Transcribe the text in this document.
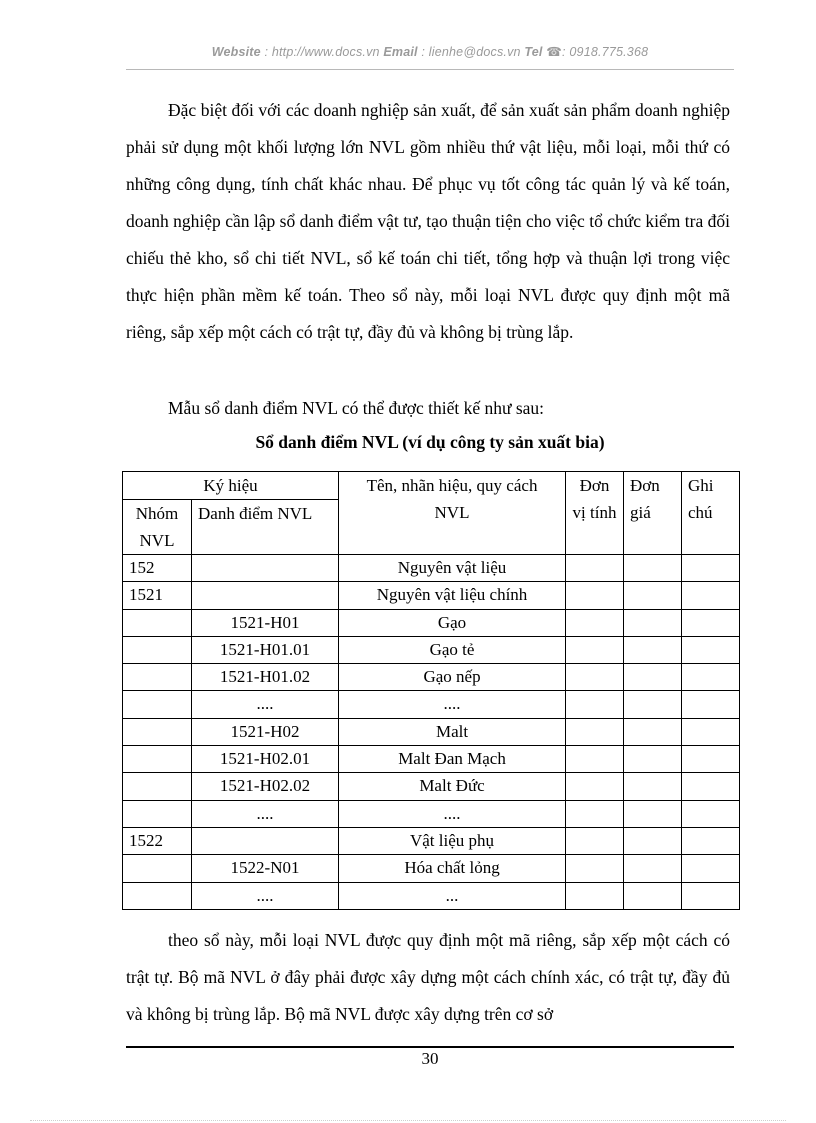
Website : http://www.docs.vn Email : lienhe@docs.vn Tel ☎: 0918.775.368

Đặc biệt đối với các doanh nghiệp sản xuất, để sản xuất sản phẩm doanh nghiệp phải sử dụng một khối lượng lớn NVL gồm nhiều thứ vật liệu, mỗi loại, mỗi thứ có những công dụng, tính chất khác nhau. Để phục vụ tốt công tác quản lý và kế toán, doanh nghiệp cần lập sổ danh điểm vật tư, tạo thuận tiện cho việc tổ chức kiểm tra đối chiếu thẻ kho, sổ chi tiết NVL, sổ kế toán chi tiết, tổng hợp và thuận lợi trong việc thực hiện phần mềm kế toán. Theo sổ này, mỗi loại NVL được quy định một mã riêng, sắp xếp một cách có trật tự, đầy đủ và không bị trùng lắp.

Mẫu sổ danh điểm NVL có thể được thiết kế như sau:

Sổ danh điểm NVL (ví dụ công ty sản xuất bia)
Ký hiệu		Tên, nhãn hiệu, quy cách NVL	Đơn vị tính	Đơn giá	Ghi chú
Nhóm NVL	Danh điểm NVL				
152		Nguyên vật liệu			
1521		Nguyên vật liệu chính			
	1521-H01	Gạo			
	1521-H01.01	Gạo tẻ			
	1521-H01.02	Gạo nếp			
	....	....			
	1521-H02	Malt			
	1521-H02.01	Malt Đan Mạch			
	1521-H02.02	Malt Đức			
	....	....			
1522		Vật liệu phụ			
	1522-N01	Hóa chất lỏng			
	....	...			

theo sổ này, mỗi loại NVL được quy định một mã riêng, sắp xếp một cách có trật tự. Bộ mã NVL ở đây phải được xây dựng một cách chính xác, có trật tự, đầy đủ và không bị trùng lắp. Bộ mã NVL được xây dựng trên cơ sở

30
